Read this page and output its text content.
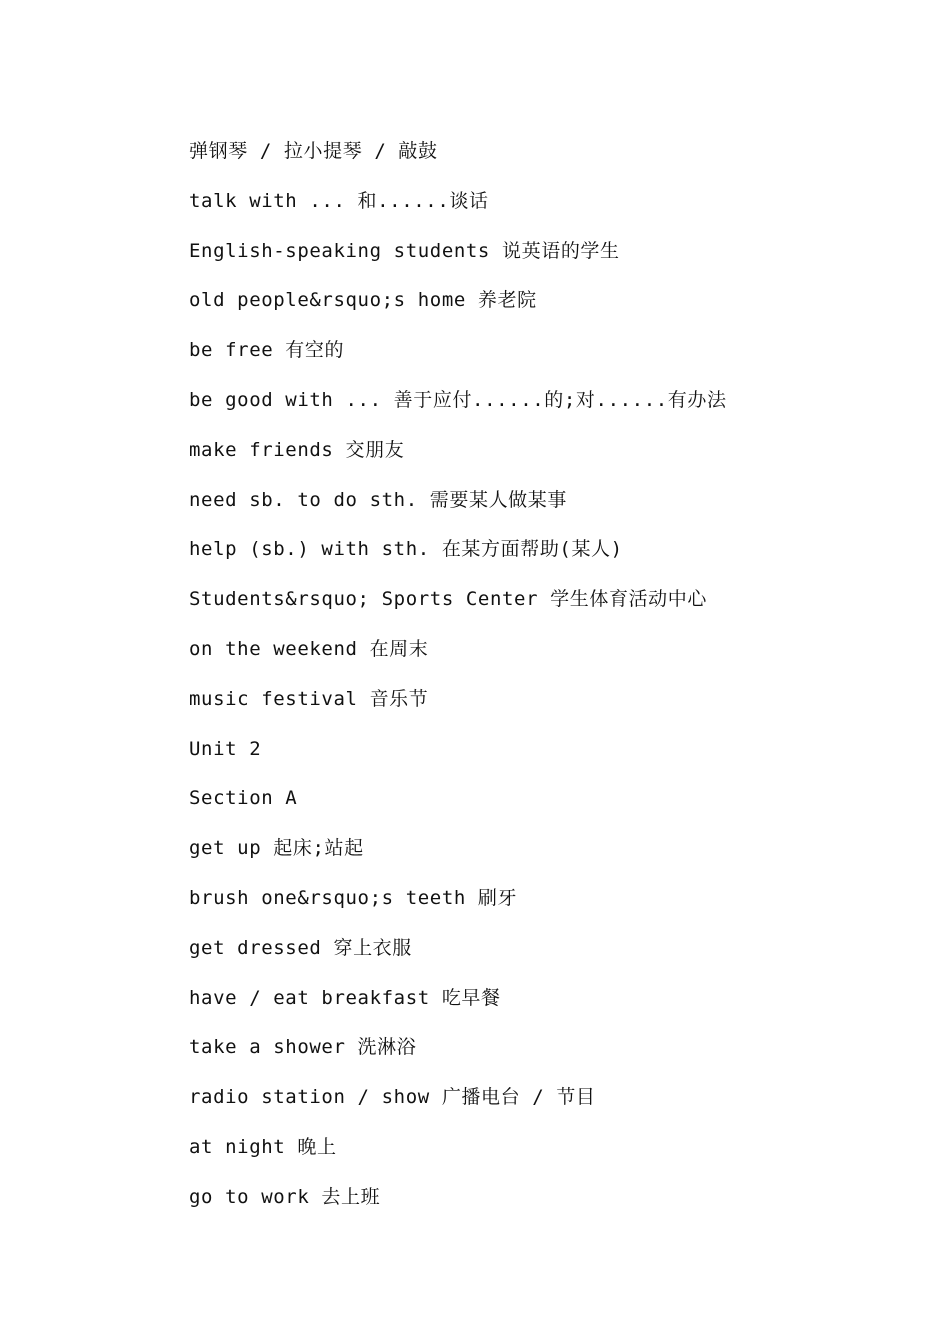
弹钢琴 / 拉小提琴 / 敲鼓
talk with ... 和......谈话
English-speaking students 说英语的学生
old people&rsquo;s home 养老院
be free 有空的
be good with ... 善于应付......的;对......有办法
make friends 交朋友
need sb. to do sth. 需要某人做某事
help (sb.) with sth. 在某方面帮助(某人)
Students&rsquo; Sports Center 学生体育活动中心
on the weekend 在周末
music festival 音乐节
Unit 2
Section A
get up 起床;站起
brush one&rsquo;s teeth 刷牙
get dressed 穿上衣服
have / eat breakfast 吃早餐
take a shower 洗淋浴
radio station / show 广播电台 / 节目
at night 晚上
go to work 去上班
